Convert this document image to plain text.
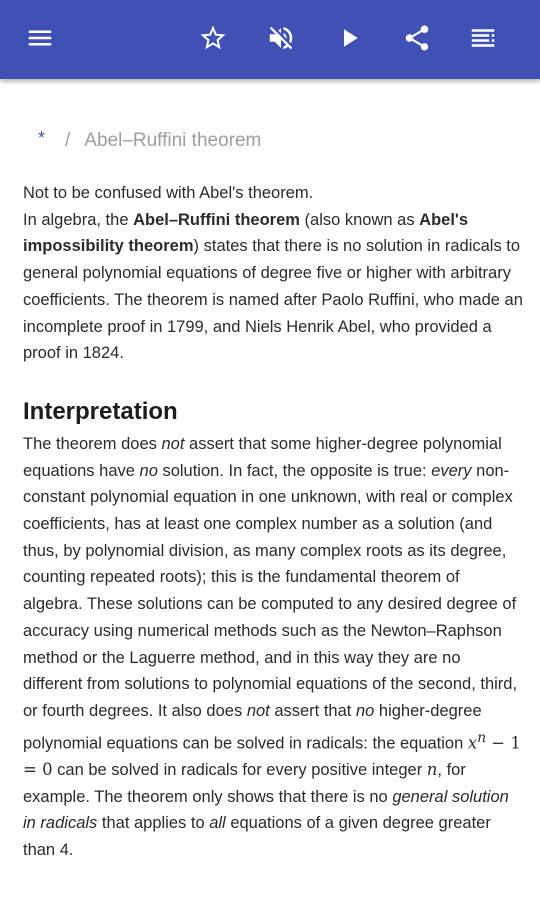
* / Abel–Ruffini theorem

Not to be confused with Abel's theorem.

In algebra, the Abel–Ruffini theorem (also known as Abel's impossibility theorem) states that there is no solution in radicals to general polynomial equations of degree five or higher with arbitrary coefficients. The theorem is named after Paolo Ruffini, who made an incomplete proof in 1799, and Niels Henrik Abel, who provided a proof in 1824.

Interpretation

The theorem does not assert that some higher-degree polynomial equations have no solution. In fact, the opposite is true: every non-constant polynomial equation in one unknown, with real or complex coefficients, has at least one complex number as a solution (and thus, by polynomial division, as many complex roots as its degree, counting repeated roots); this is the fundamental theorem of algebra. These solutions can be computed to any desired degree of accuracy using numerical methods such as the Newton–Raphson method or the Laguerre method, and in this way they are no different from solutions to polynomial equations of the second, third, or fourth degrees. It also does not assert that no higher-degree polynomial equations can be solved in radicals: the equation $x^n - 1 = 0$ can be solved in radicals for every positive integer n, for example. The theorem only shows that there is no general solution in radicals that applies to all equations of a given degree greater than 4.
